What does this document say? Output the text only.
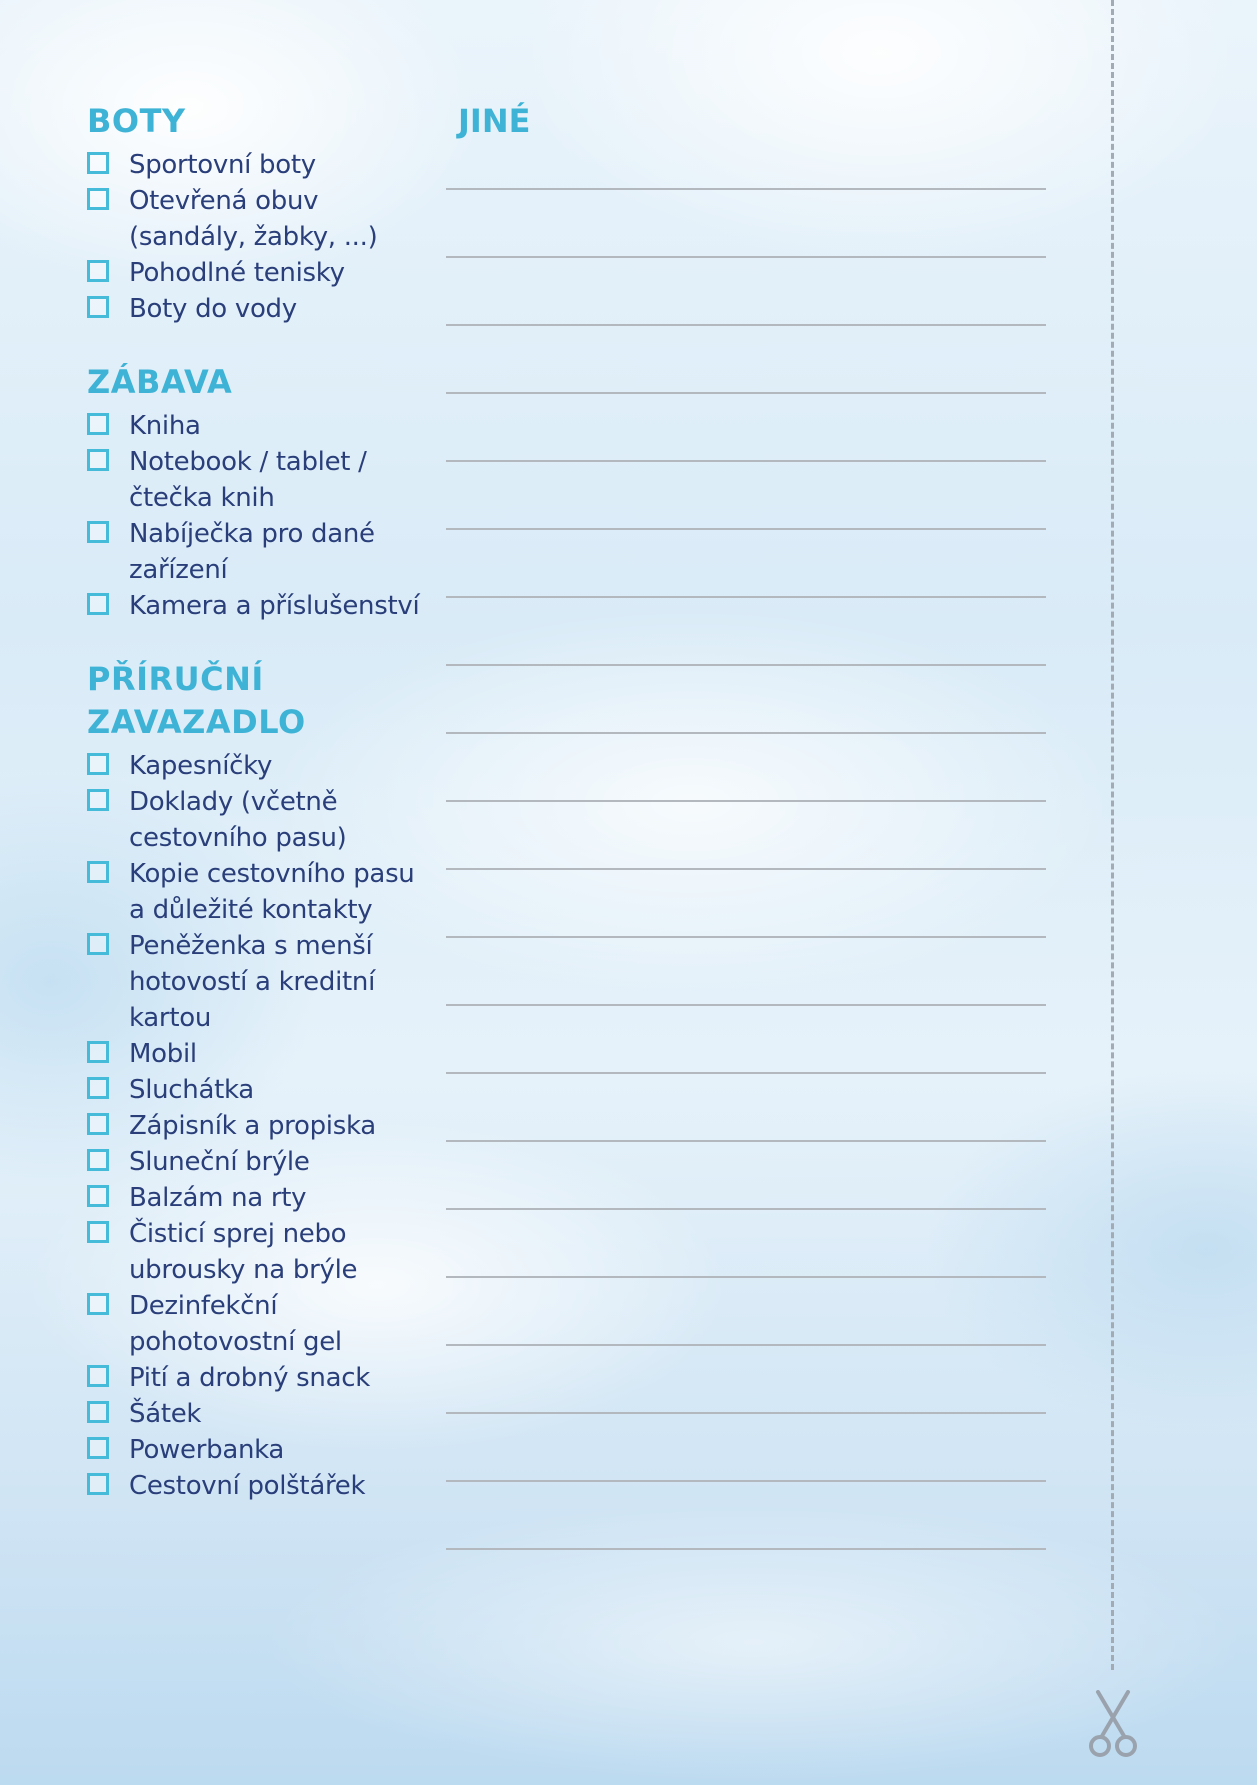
BOTY
Sportovní boty
Otevřená obuv (sandály, žabky, ...)
Pohodlné tenisky
Boty do vody
ZÁBAVA
Kniha
Notebook / tablet / čtečka knih
Nabíječka pro dané zařízení
Kamera a příslušenství
PŘÍRUČNÍ
ZAVAZADLO
Kapesníčky
Doklady (včetně cestovního pasu)
Kopie cestovního pasu a důležité kontakty
Peněženka s menší hotovostí a kreditní kartou
Mobil
Sluchátka
Zápisník a propiska
Sluneční brýle
Balzám na rty
Čisticí sprej nebo ubrousky na brýle
Dezinfekční pohotovostní gel
Pití a drobný snack
Šátek
Powerbanka
Cestovní polštářek
JINÉ
